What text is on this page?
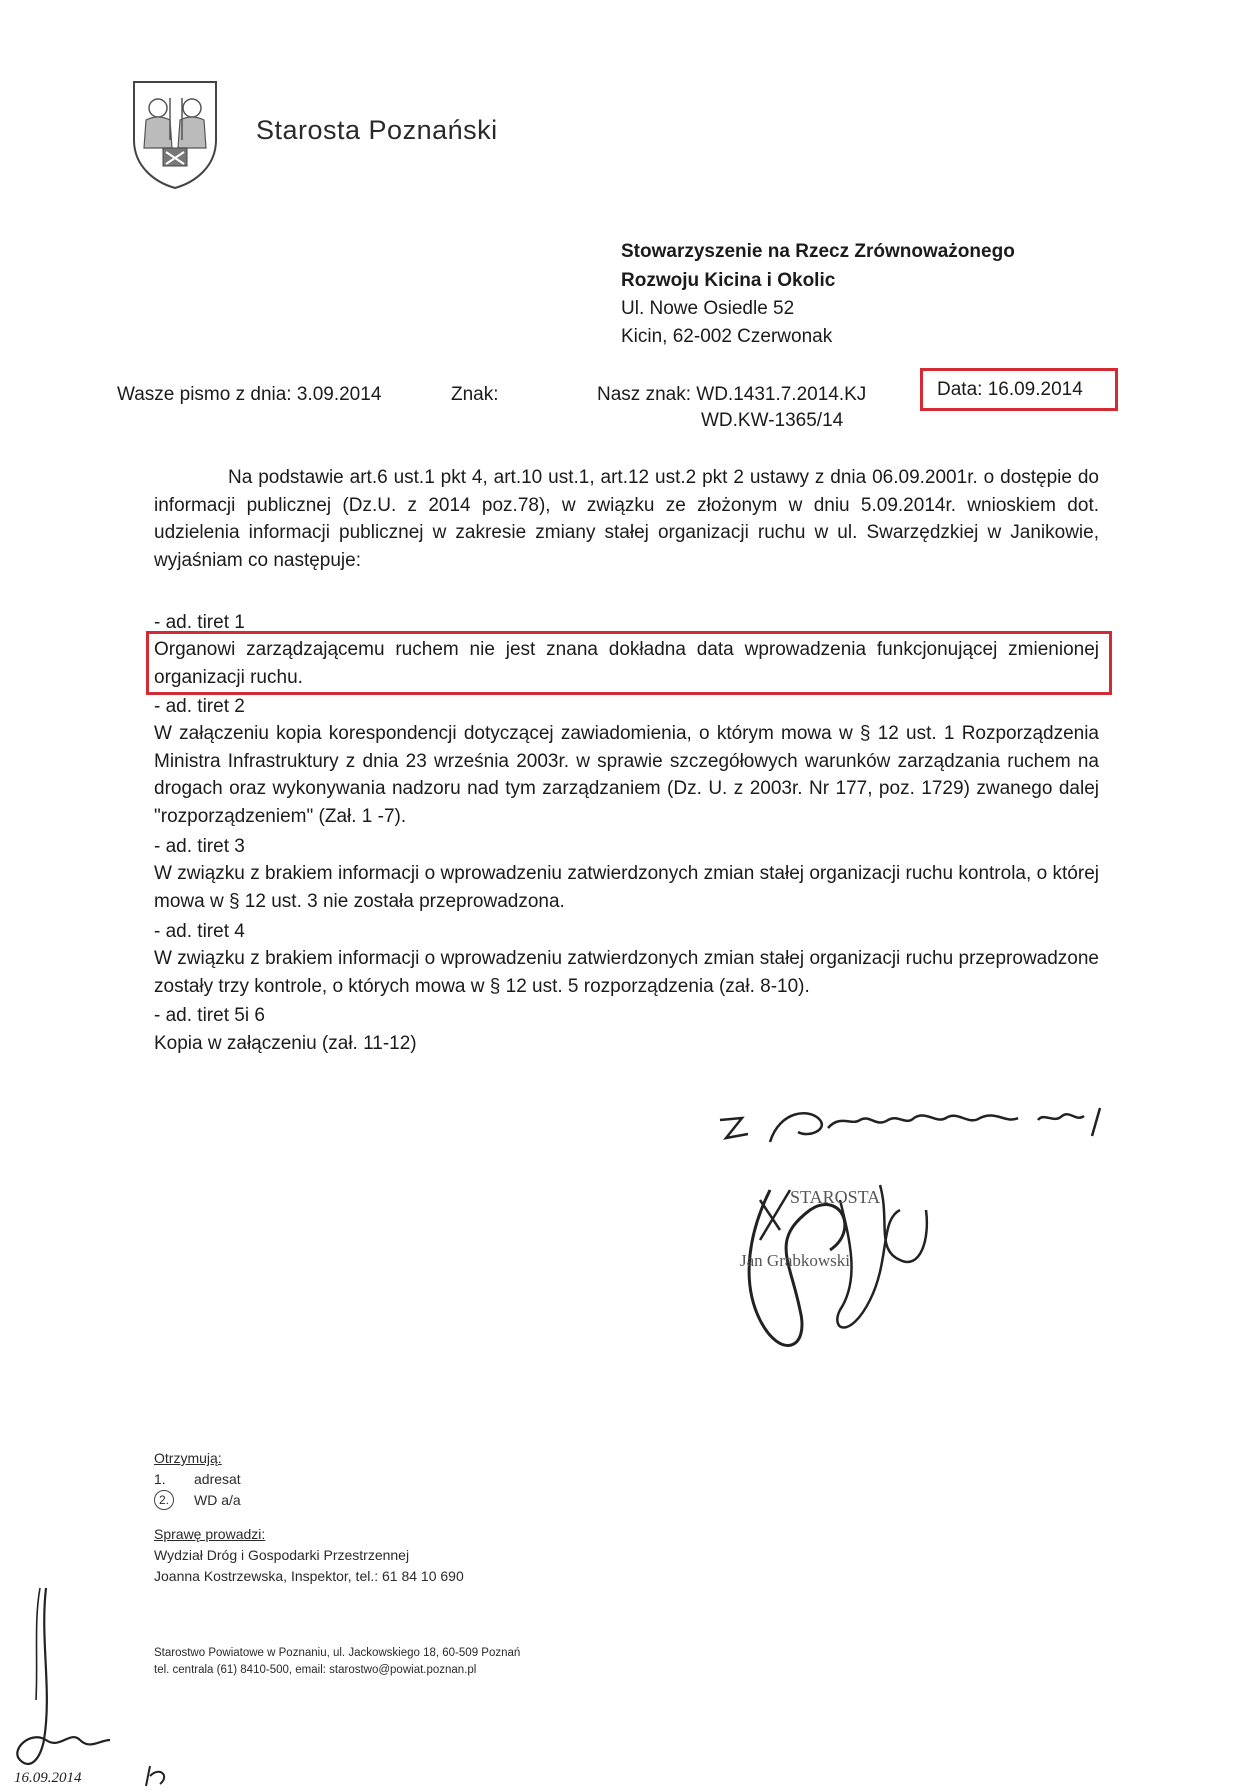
Starosta Poznański
Stowarzyszenie na Rzecz Zrównoważonego
Rozwoju Kicina i Okolic
Ul. Nowe Osiedle 52
Kicin, 62-002 Czerwonak
Wasze pismo z dnia: 3.09.2014	Znak:	Nasz znak: WD.1431.7.2014.KJ
WD.KW-1365/14
Data: 16.09.2014
Na podstawie art.6 ust.1 pkt 4, art.10 ust.1, art.12 ust.2 pkt 2 ustawy z dnia 06.09.2001r. o dostępie do informacji publicznej (Dz.U. z 2014 poz.78), w związku ze złożonym w dniu 5.09.2014r. wnioskiem dot. udzielenia informacji publicznej w zakresie zmiany stałej organizacji ruchu w ul. Swarzędzkiej w Janikowie, wyjaśniam co następuje:
- ad. tiret 1
Organowi zarządzającemu ruchem nie jest znana dokładna data wprowadzenia funkcjonującej zmienionej organizacji ruchu.
- ad. tiret 2
W załączeniu kopia korespondencji dotyczącej zawiadomienia, o którym mowa w § 12 ust. 1 Rozporządzenia Ministra Infrastruktury z dnia 23 września 2003r. w sprawie szczegółowych warunków zarządzania ruchem na drogach oraz wykonywania nadzoru nad tym zarządzaniem (Dz. U. z 2003r. Nr 177, poz. 1729) zwanego dalej "rozporządzeniem" (Zał. 1 -7).
- ad. tiret 3
W związku z brakiem informacji o wprowadzeniu zatwierdzonych zmian stałej organizacji ruchu kontrola, o której mowa w § 12 ust. 3 nie została przeprowadzona.
- ad. tiret 4
W związku z brakiem informacji o wprowadzeniu zatwierdzonych zmian stałej organizacji ruchu przeprowadzone zostały trzy kontrole, o których mowa w § 12 ust. 5 rozporządzenia (zał. 8-10).
- ad. tiret 5i 6
Kopia w załączeniu (zał. 11-12)
STAROSTA
Jan Grabkowski
Otrzymują:
1. adresat
2.	WD a/a
Sprawę prowadzi:
Wydział Dróg i Gospodarki Przestrzennej
Joanna Kostrzewska, Inspektor, tel.: 61 84 10 690
Starostwo Powiatowe w Poznaniu, ul. Jackowskiego 18, 60-509 Poznań
tel. centrala (61) 8410-500, email: starostwo@powiat.poznan.pl
16.09.2014
